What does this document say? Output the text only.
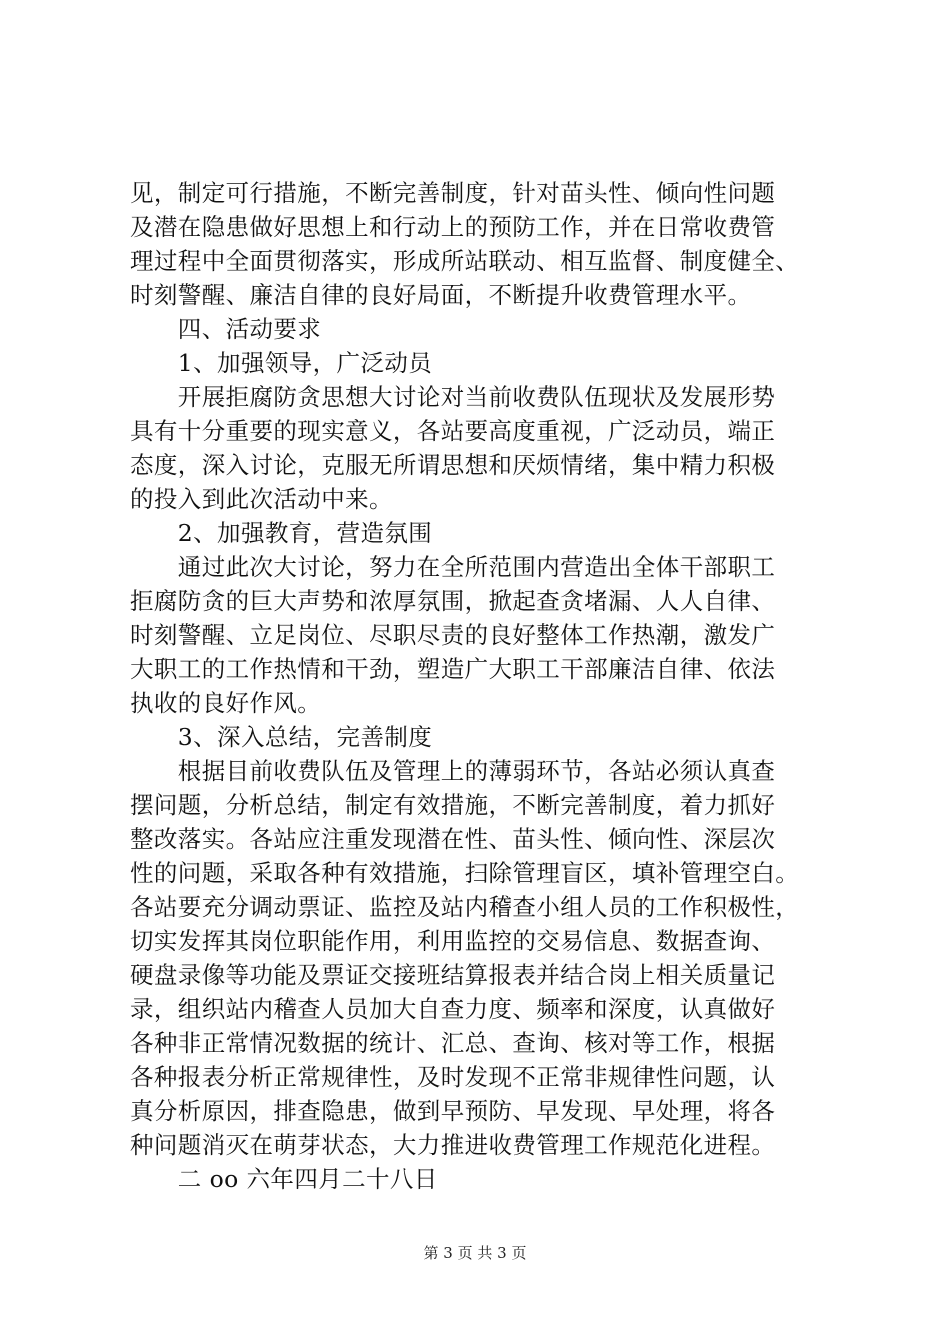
见，制定可行措施，不断完善制度，针对苗头性、倾向性问题
及潜在隐患做好思想上和行动上的预防工作，并在日常收费管
理过程中全面贯彻落实，形成所站联动、相互监督、制度健全、
时刻警醒、廉洁自律的良好局面，不断提升收费管理水平。
　　四、活动要求
　　1、加强领导，广泛动员
　　开展拒腐防贪思想大讨论对当前收费队伍现状及发展形势
具有十分重要的现实意义，各站要高度重视，广泛动员，端正
态度，深入讨论，克服无所谓思想和厌烦情绪，集中精力积极
的投入到此次活动中来。
　　2、加强教育，营造氛围
　　通过此次大讨论，努力在全所范围内营造出全体干部职工
拒腐防贪的巨大声势和浓厚氛围，掀起查贪堵漏、人人自律、
时刻警醒、立足岗位、尽职尽责的良好整体工作热潮，激发广
大职工的工作热情和干劲，塑造广大职工干部廉洁自律、依法
执收的良好作风。
　　3、深入总结，完善制度
　　根据目前收费队伍及管理上的薄弱环节，各站必须认真查
摆问题，分析总结，制定有效措施，不断完善制度，着力抓好
整改落实。各站应注重发现潜在性、苗头性、倾向性、深层次
性的问题，采取各种有效措施，扫除管理盲区，填补管理空白。
各站要充分调动票证、监控及站内稽查小组人员的工作积极性，
切实发挥其岗位职能作用，利用监控的交易信息、数据查询、
硬盘录像等功能及票证交接班结算报表并结合岗上相关质量记
录，组织站内稽查人员加大自查力度、频率和深度，认真做好
各种非正常情况数据的统计、汇总、查询、核对等工作，根据
各种报表分析正常规律性，及时发现不正常非规律性问题，认
真分析原因，排查隐患，做到早预防、早发现、早处理，将各
种问题消灭在萌芽状态，大力推进收费管理工作规范化进程。
　　二 oo 六年四月二十八日
第 3 页 共 3 页
